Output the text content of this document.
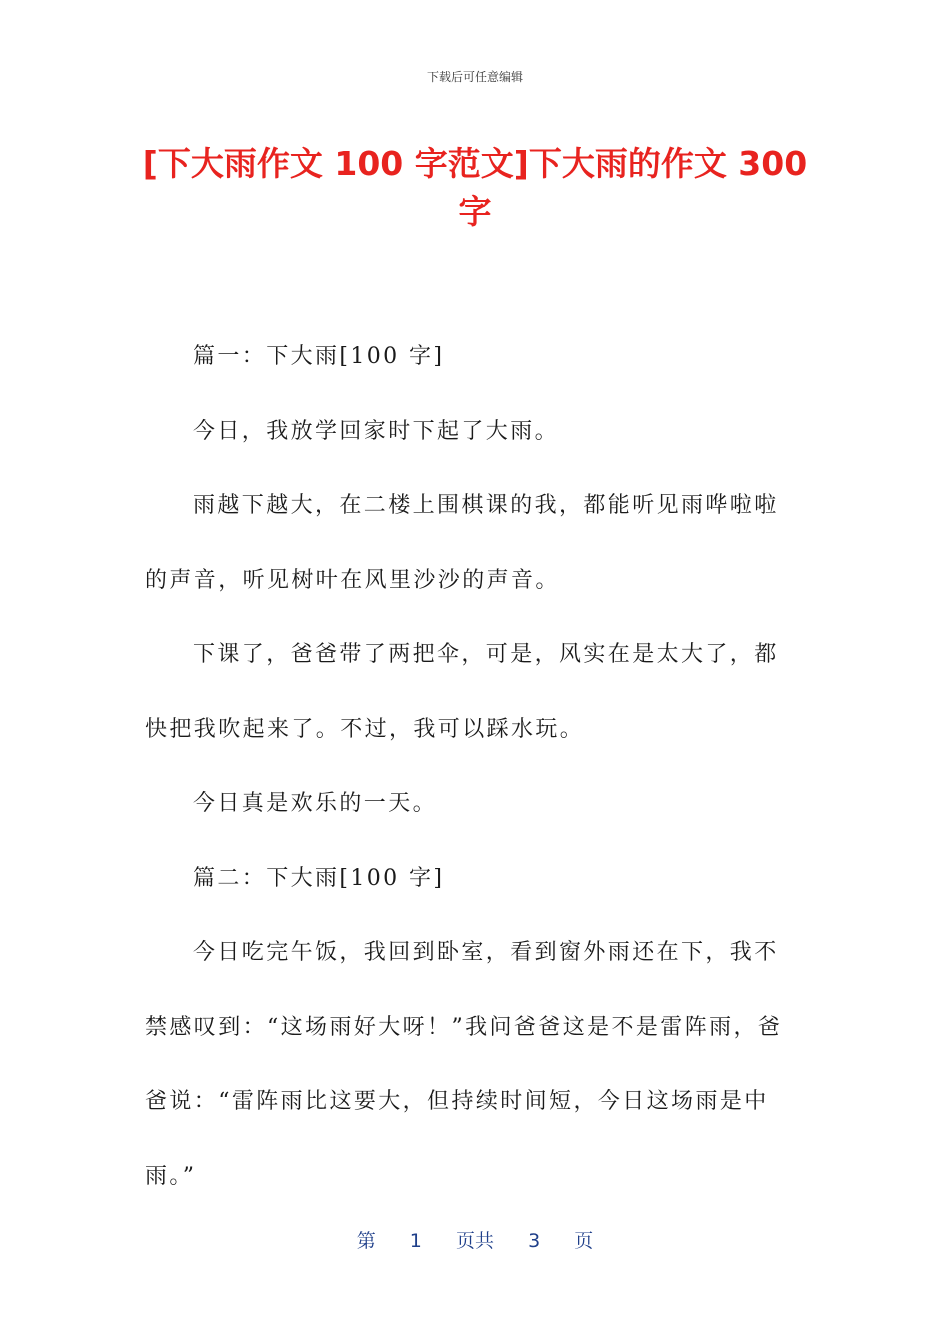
下载后可任意编辑
[下大雨作文 100 字范文]下大雨的作文 300 字

篇一：下大雨[100 字]

今日，我放学回家时下起了大雨。

雨越下越大，在二楼上围棋课的我，都能听见雨哗啦啦的声音，听见树叶在风里沙沙的声音。

下课了，爸爸带了两把伞，可是，风实在是太大了，都快把我吹起来了。不过，我可以踩水玩。

今日真是欢乐的一天。

篇二：下大雨[100 字]

今日吃完午饭，我回到卧室，看到窗外雨还在下，我不禁感叹到：“这场雨好大呀！”我问爸爸这是不是雷阵雨，爸爸说：“雷阵雨比这要大，但持续时间短，今日这场雨是中雨。”

第 1 页共 3 页
